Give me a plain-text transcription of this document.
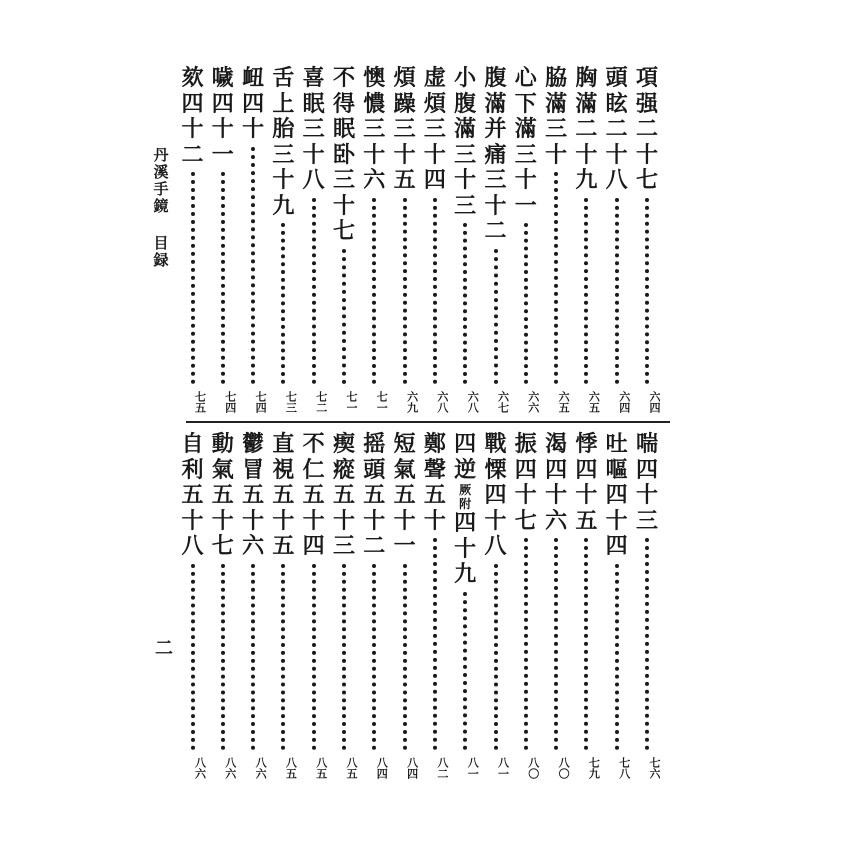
丹
溪
手
鏡
目
録
項
强
二
十
七
六四
頭
眩
二
十
八
六四
胸
滿
二
十
九
六五
脇
滿
三
十
六五
心
下
滿
三
十
一
六六
腹
滿
并
痛
三
十
二
六七
小
腹
滿
三
十
三
六八
虚
煩
三
十
四
六八
煩
躁
三
十
五
六九
懊
憹
三
十
六
七一
不
得
眠
卧
三
十
七
七一
喜
眠
三
十
八
七二
舌
上
胎
三
十
九
七三
衄
四
十
七四
噦
四
十
一
七四
欬
四
十
二
七五
喘
四
十
三
七六
吐
嘔
四
十
四
七八
悸
四
十
五
七九
渴
四
十
六
八〇
振
四
十
七
八〇
戰
慄
四
十
八
八一
四
逆
厥
附
四
十
九
八一
鄭
聲
五
十
八二
短
氣
五
十
一
八四
摇
頭
五
十
二
八四
瘈
瘲
五
十
三
八五
不
仁
五
十
四
八五
直
視
五
十
五
八五
鬱
冒
五
十
六
八六
動
氣
五
十
七
八六
自
利
五
十
八
八六
二
